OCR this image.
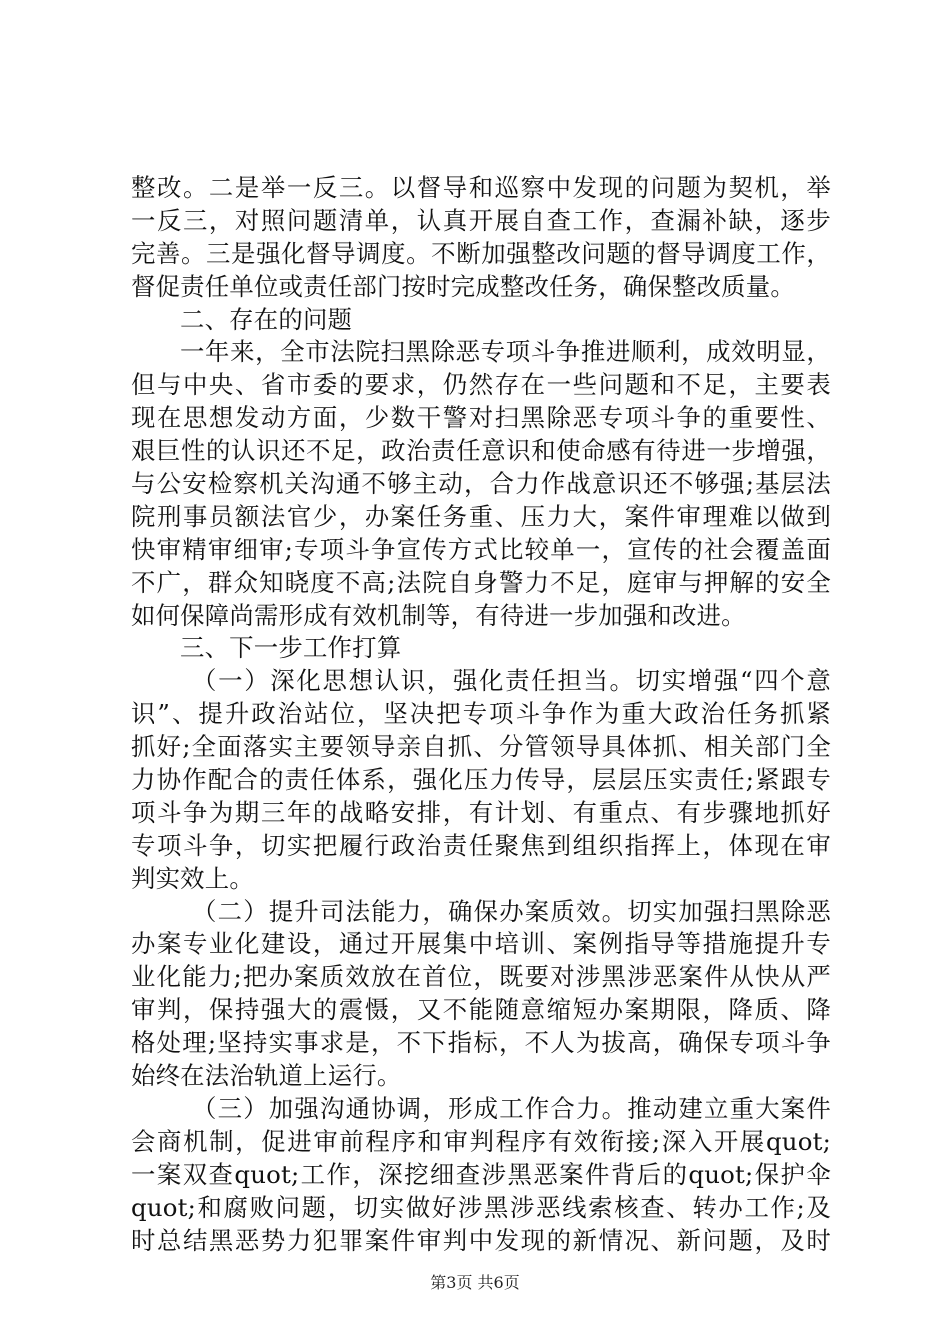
整改。二是举一反三。以督导和巡察中发现的问题为契机，举
一反三，对照问题清单，认真开展自查工作，查漏补缺，逐步
完善。三是强化督导调度。不断加强整改问题的督导调度工作，
督促责任单位或责任部门按时完成整改任务，确保整改质量。
二、存在的问题
一年来，全市法院扫黑除恶专项斗争推进顺利，成效明显，
但与中央、省市委的要求，仍然存在一些问题和不足，主要表
现在思想发动方面，少数干警对扫黑除恶专项斗争的重要性、
艰巨性的认识还不足，政治责任意识和使命感有待进一步增强，
与公安检察机关沟通不够主动，合力作战意识还不够强;基层法
院刑事员额法官少，办案任务重、压力大，案件审理难以做到
快审精审细审;专项斗争宣传方式比较单一，宣传的社会覆盖面
不广，群众知晓度不高;法院自身警力不足，庭审与押解的安全
如何保障尚需形成有效机制等，有待进一步加强和改进。
三、下一步工作打算
（一）深化思想认识，强化责任担当。切实增强“四个意
识”、提升政治站位，坚决把专项斗争作为重大政治任务抓紧
抓好;全面落实主要领导亲自抓、分管领导具体抓、相关部门全
力协作配合的责任体系，强化压力传导，层层压实责任;紧跟专
项斗争为期三年的战略安排，有计划、有重点、有步骤地抓好
专项斗争，切实把履行政治责任聚焦到组织指挥上，体现在审
判实效上。
（二）提升司法能力，确保办案质效。切实加强扫黑除恶
办案专业化建设，通过开展集中培训、案例指导等措施提升专
业化能力;把办案质效放在首位，既要对涉黑涉恶案件从快从严
审判，保持强大的震慑，又不能随意缩短办案期限，降质、降
格处理;坚持实事求是，不下指标，不人为拔高，确保专项斗争
始终在法治轨道上运行。
（三）加强沟通协调，形成工作合力。推动建立重大案件
会商机制，促进审前程序和审判程序有效衔接;深入开展quot;
一案双查quot;工作，深挖细查涉黑恶案件背后的quot;保护伞
quot;和腐败问题，切实做好涉黑涉恶线索核查、转办工作;及
时总结黑恶势力犯罪案件审判中发现的新情况、新问题，及时
第3页 共6页
